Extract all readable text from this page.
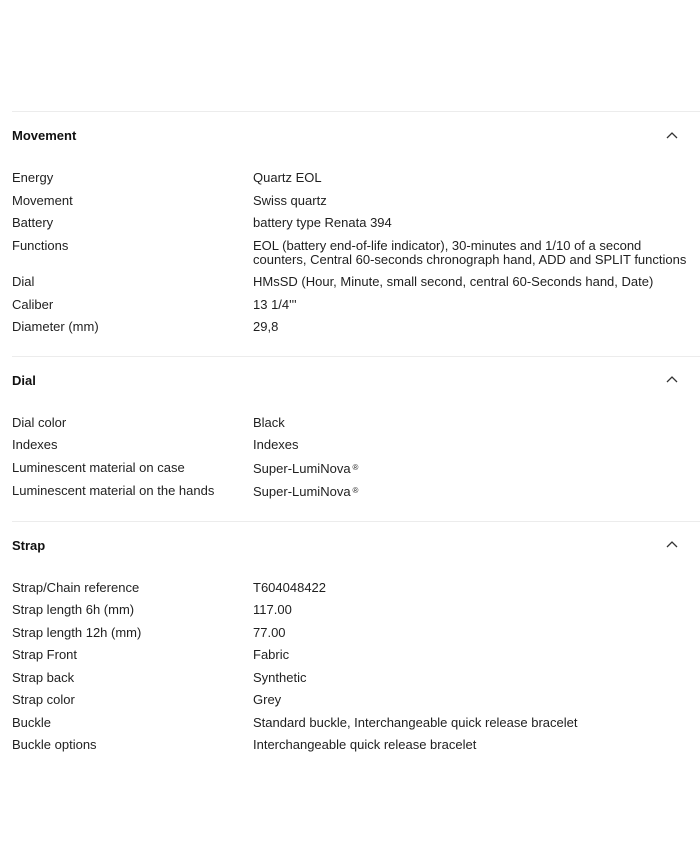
Movement
Energy	Quartz EOL
Movement	Swiss quartz
Battery	battery type Renata 394
Functions	EOL (battery end-of-life indicator), 30-minutes and 1/10 of a second counters, Central 60-seconds chronograph hand, ADD and SPLIT functions
Dial	HMsSD (Hour, Minute, small second, central 60-Seconds hand, Date)
Caliber	13 1/4'''
Diameter (mm)	29,8
Dial
Dial color	Black
Indexes	Indexes
Luminescent material on case	Super-LumiNova ®
Luminescent material on the hands	Super-LumiNova ®
Strap
Strap/Chain reference	T604048422
Strap length 6h (mm)	117.00
Strap length 12h (mm)	77.00
Strap Front	Fabric
Strap back	Synthetic
Strap color	Grey
Buckle	Standard buckle, Interchangeable quick release bracelet
Buckle options	Interchangeable quick release bracelet
